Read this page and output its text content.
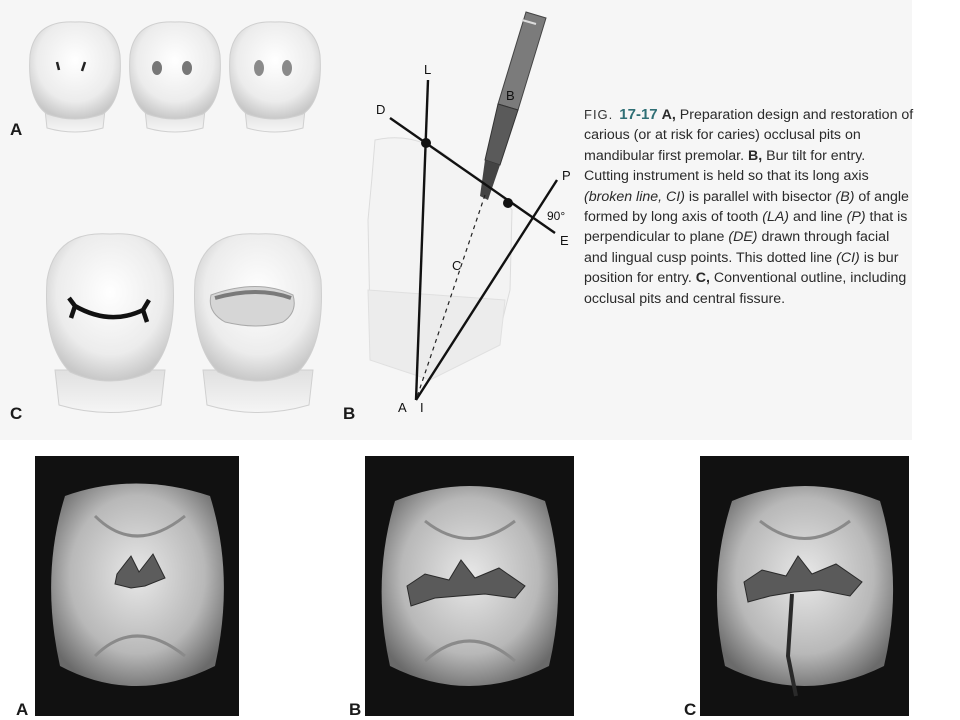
A
C
L
D
B
P
E
90°
C
A I
B
FIG. 17-17 A, Preparation design and restoration of carious (or at risk for caries) occlusal pits on mandibular first premolar. B, Bur tilt for entry. Cutting instrument is held so that its long axis (broken line, CI) is parallel with bisector (B) of angle formed by long axis of tooth (LA) and line (P) that is perpendicular to plane (DE) drawn through facial and lingual cusp points. This dotted line (CI) is bur position for entry. C, Conventional outline, including occlusal pits and central fissure.
A	B	C
